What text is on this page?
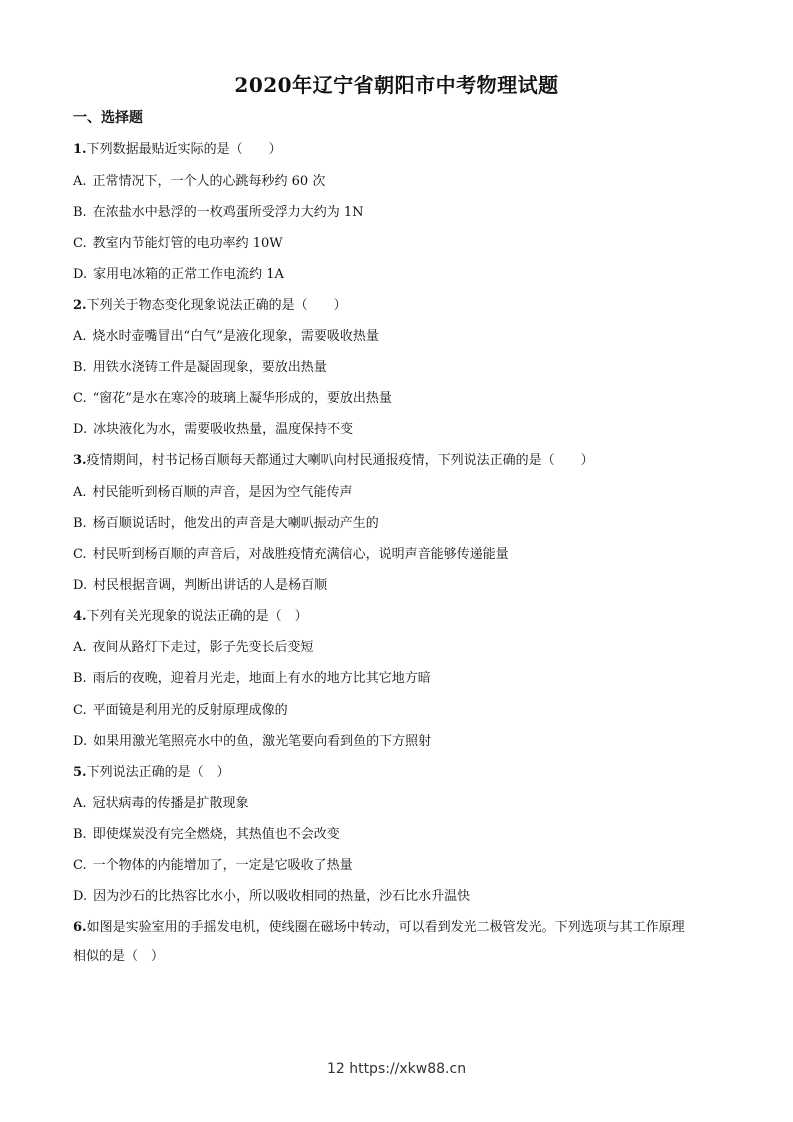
2020年辽宁省朝阳市中考物理试题
一、选择题
1.下列数据最贴近实际的是（　　）
A. 正常情况下，一个人的心跳每秒约 60 次
B. 在浓盐水中悬浮的一枚鸡蛋所受浮力大约为 1N
C. 教室内节能灯管的电功率约 10W
D. 家用电冰箱的正常工作电流约 1A
2.下列关于物态变化现象说法正确的是（　　）
A. 烧水时壶嘴冒出“白气”是液化现象，需要吸收热量
B. 用铁水浇铸工件是凝固现象，要放出热量
C. “窗花”是水在寒冷的玻璃上凝华形成的，要放出热量
D. 冰块液化为水，需要吸收热量，温度保持不变
3.疫情期间，村书记杨百顺每天都通过大喇叭向村民通报疫情，下列说法正确的是（　　）
A. 村民能听到杨百顺的声音，是因为空气能传声
B. 杨百顺说话时，他发出的声音是大喇叭振动产生的
C. 村民听到杨百顺的声音后，对战胜疫情充满信心，说明声音能够传递能量
D. 村民根据音调，判断出讲话的人是杨百顺
4.下列有关光现象的说法正确的是（　）
A. 夜间从路灯下走过，影子先变长后变短
B. 雨后的夜晚，迎着月光走，地面上有水的地方比其它地方暗
C. 平面镜是利用光的反射原理成像的
D. 如果用激光笔照亮水中的鱼，激光笔要向看到鱼的下方照射
5.下列说法正确的是（　）
A. 冠状病毒的传播是扩散现象
B. 即使煤炭没有完全燃烧，其热值也不会改变
C. 一个物体的内能增加了，一定是它吸收了热量
D. 因为沙石的比热容比水小，所以吸收相同的热量，沙石比水升温快
6.如图是实验室用的手摇发电机，使线圈在磁场中转动，可以看到发光二极管发光。下列选项与其工作原理
相似的是（　）
12 https://xkw88.cn
